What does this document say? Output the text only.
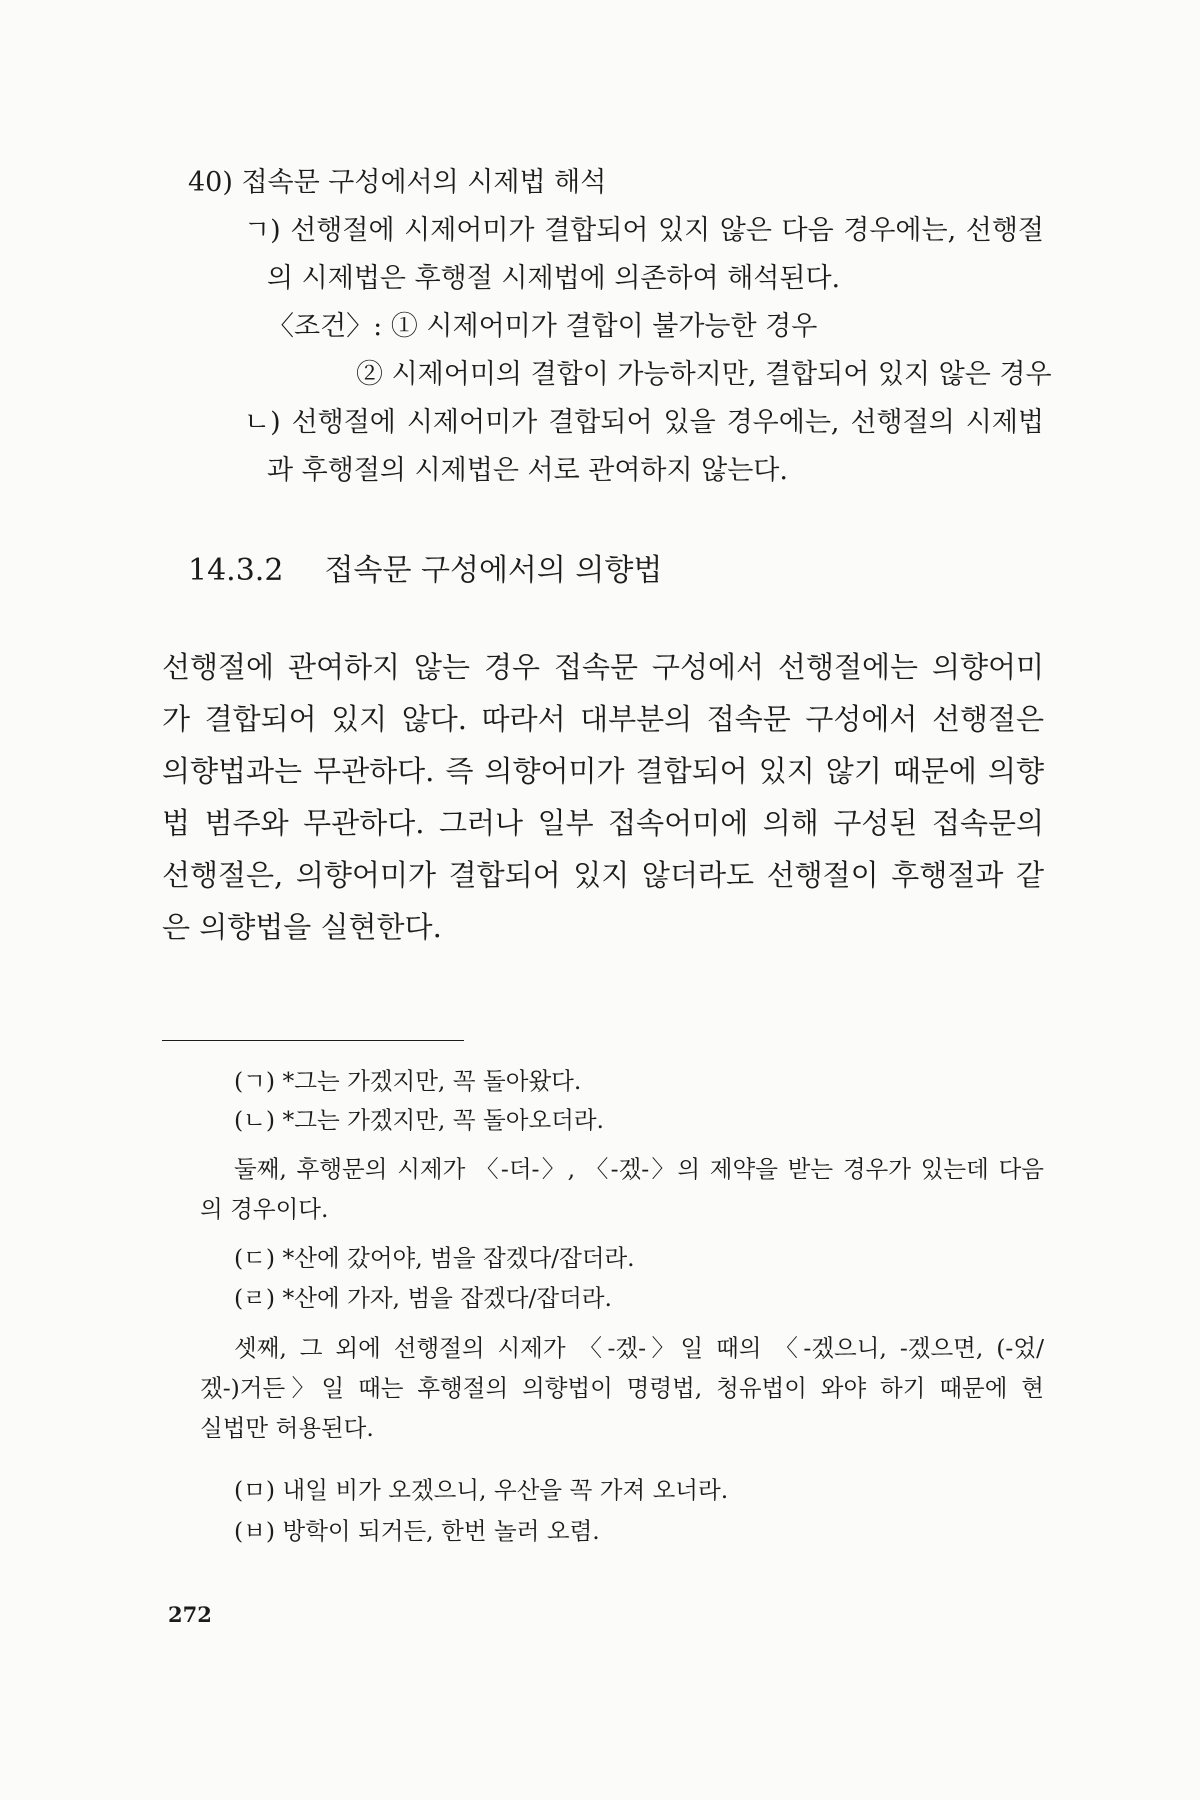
40) 접속문 구성에서의 시제법 해석
ㄱ) 선행절에 시제어미가 결합되어 있지 않은 다음 경우에는, 선행절
의 시제법은 후행절 시제법에 의존하여 해석된다.
〈조건〉: ① 시제어미가 결합이 불가능한 경우
② 시제어미의 결합이 가능하지만, 결합되어 있지 않은 경우
ㄴ) 선행절에 시제어미가 결합되어 있을 경우에는, 선행절의 시제법
과 후행절의 시제법은 서로 관여하지 않는다.
14.3.2 접속문 구성에서의 의향법
선행절에 관여하지 않는 경우 접속문 구성에서 선행절에는 의향어미
가 결합되어 있지 않다. 따라서 대부분의 접속문 구성에서 선행절은
의향법과는 무관하다. 즉 의향어미가 결합되어 있지 않기 때문에 의향
법 범주와 무관하다. 그러나 일부 접속어미에 의해 구성된 접속문의
선행절은, 의향어미가 결합되어 있지 않더라도 선행절이 후행절과 같
은 의향법을 실현한다.
(ㄱ) *그는 가겠지만, 꼭 돌아왔다.
(ㄴ) *그는 가겠지만, 꼭 돌아오더라.
둘째, 후행문의 시제가 〈-더-〉, 〈-겠-〉의 제약을 받는 경우가 있는데 다음
의 경우이다.
(ㄷ) *산에 갔어야, 범을 잡겠다/잡더라.
(ㄹ) *산에 가자, 범을 잡겠다/잡더라.
셋째, 그 외에 선행절의 시제가 〈-겠-〉일 때의 〈-겠으니, -겠으면, (-었/
겠-)거든〉일 때는 후행절의 의향법이 명령법, 청유법이 와야 하기 때문에 현
실법만 허용된다.
(ㅁ) 내일 비가 오겠으니, 우산을 꼭 가져 오너라.
(ㅂ) 방학이 되거든, 한번 놀러 오렴.
272
